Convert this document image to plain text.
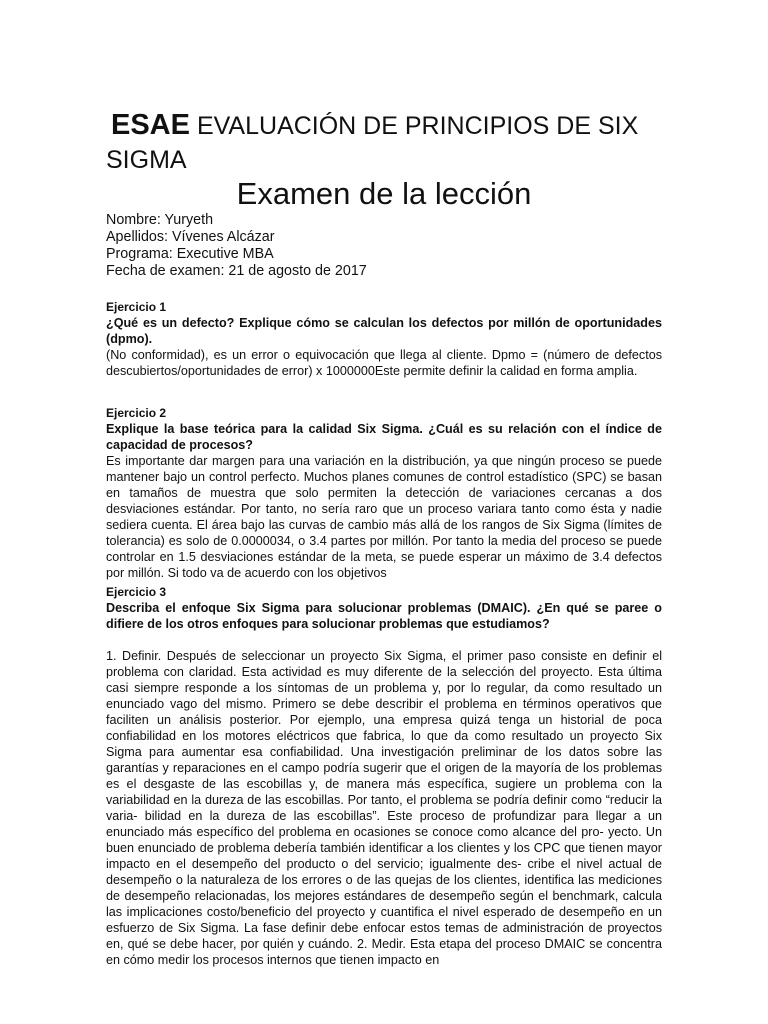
ESAE EVALUACIÓN DE PRINCIPIOS DE SIX SIGMA
Examen de la lección
Nombre: Yuryeth
Apellidos: Vívenes Alcázar
Programa: Executive MBA
Fecha de examen: 21 de agosto de 2017
Ejercicio 1
¿Qué es un defecto? Explique cómo se calculan los defectos por millón de oportunidades (dpmo).
(No conformidad), es un error o equivocación que llega al cliente. Dpmo = (número de defectos descubiertos/oportunidades de error) x 1000000Este permite definir la calidad en forma amplia.
Ejercicio 2
Explique la base teórica para la calidad Six Sigma. ¿Cuál es su relación con el índice de capacidad de procesos?
Es importante dar margen para una variación en la distribución, ya que ningún proceso se puede mantener bajo un control perfecto. Muchos planes comunes de control estadístico (SPC) se basan en tamaños de muestra que solo permiten la detección de variaciones cercanas a dos desviaciones estándar. Por tanto, no sería raro que un proceso variara tanto como ésta y nadie sediera cuenta. El área bajo las curvas de cambio más allá de los rangos de Six Sigma (límites de tolerancia) es solo de 0.0000034, o 3.4 partes por millón. Por tanto la media del proceso se puede controlar en 1.5 desviaciones estándar de la meta, se puede esperar un máximo de 3.4 defectos por millón. Si todo va de acuerdo con los objetivos
Ejercicio 3
Describa el enfoque Six Sigma para solucionar problemas (DMAIC). ¿En qué se paree o difiere de los otros enfoques para solucionar problemas que estudiamos?
1. Definir. Después de seleccionar un proyecto Six Sigma, el primer paso consiste en definir el problema con claridad. Esta actividad es muy diferente de la selección del proyecto. Esta última casi siempre responde a los síntomas de un problema y, por lo regular, da como resultado un enunciado vago del mismo. Primero se debe describir el problema en términos operativos que faciliten un análisis posterior. Por ejemplo, una empresa quizá tenga un historial de poca confiabilidad en los motores eléctricos que fabrica, lo que da como resultado un proyecto Six Sigma para aumentar esa confiabilidad. Una investigación preliminar de los datos sobre las garantías y reparaciones en el campo podría sugerir que el origen de la mayoría de los problemas es el desgaste de las escobillas y, de manera más específica, sugiere un problema con la variabilidad en la dureza de las escobillas. Por tanto, el problema se podría definir como “reducir la varia- bilidad en la dureza de las escobillas”. Este proceso de profundizar para llegar a un enunciado más específico del problema en ocasiones se conoce como alcance del pro- yecto. Un buen enunciado de problema debería también identificar a los clientes y los CPC que tienen mayor impacto en el desempeño del producto o del servicio; igualmente des- cribe el nivel actual de desempeño o la naturaleza de los errores o de las quejas de los clientes, identifica las mediciones de desempeño relacionadas, los mejores estándares de desempeño según el benchmark, calcula las implicaciones costo/beneficio del proyecto y cuantifica el nivel esperado de desempeño en un esfuerzo de Six Sigma. La fase definir debe enfocar estos temas de administración de proyectos en, qué se debe hacer, por quién y cuándo. 2. Medir. Esta etapa del proceso DMAIC se concentra en cómo medir los procesos internos que tienen impacto en
